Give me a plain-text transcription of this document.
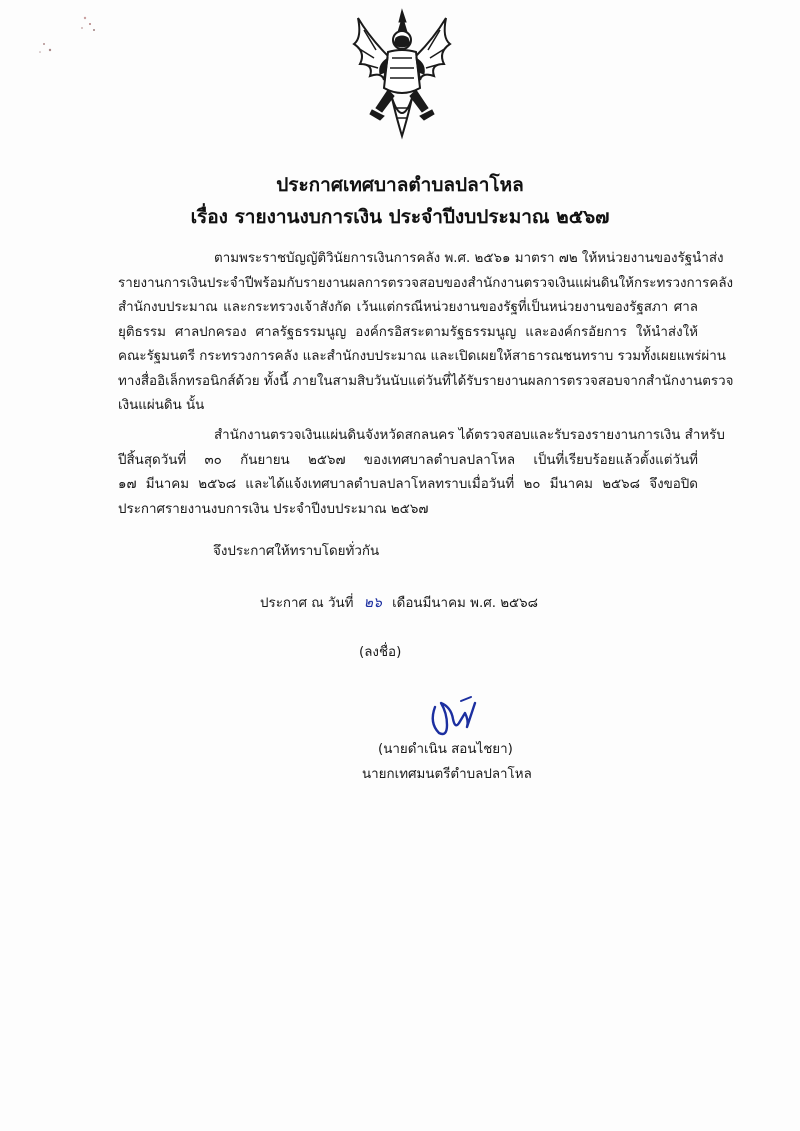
ประกาศเทศบาลตำบลปลาโหล
เรื่อง รายงานงบการเงิน ประจำปีงบประมาณ ๒๕๖๗
ตามพระราชบัญญัติวินัยการเงินการคลัง พ.ศ. ๒๕๖๑ มาตรา ๗๒ ให้หน่วยงานของรัฐนำส่ง
รายงานการเงินประจำปีพร้อมกับรายงานผลการตรวจสอบของสำนักงานตรวจเงินแผ่นดินให้กระทรวงการคลัง
สำนักงบประมาณ และกระทรวงเจ้าสังกัด เว้นแต่กรณีหน่วยงานของรัฐที่เป็นหน่วยงานของรัฐสภา ศาล
ยุติธรรม ศาลปกครอง ศาลรัฐธรรมนูญ องค์กรอิสระตามรัฐธรรมนูญ และองค์กรอัยการ ให้นำส่งให้
คณะรัฐมนตรี กระทรวงการคลัง และสำนักงบประมาณ และเปิดเผยให้สาธารณชนทราบ รวมทั้งเผยแพร่ผ่าน
ทางสื่ออิเล็กทรอนิกส์ด้วย ทั้งนี้ ภายในสามสิบวันนับแต่วันที่ได้รับรายงานผลการตรวจสอบจากสำนักงานตรวจ
เงินแผ่นดิน นั้น
สำนักงานตรวจเงินแผ่นดินจังหวัดสกลนคร ได้ตรวจสอบและรับรองรายงานการเงิน สำหรับ
ปีสิ้นสุดวันที่ ๓๐ กันยายน ๒๕๖๗ ของเทศบาลตำบลปลาโหล เป็นที่เรียบร้อยแล้วตั้งแต่วันที่
๑๗ มีนาคม ๒๕๖๘ และได้แจ้งเทศบาลตำบลปลาโหลทราบเมื่อวันที่ ๒๐ มีนาคม ๒๕๖๘ จึงขอปิด
ประกาศรายงานงบการเงิน ประจำปีงบประมาณ ๒๕๖๗
จึงประกาศให้ทราบโดยทั่วกัน
ประกาศ ณ วันที่ ๒๖ เดือนมีนาคม พ.ศ. ๒๕๖๘
(ลงชื่อ)
(นายดำเนิน สอนไชยา)
นายกเทศมนตรีตำบลปลาโหล
